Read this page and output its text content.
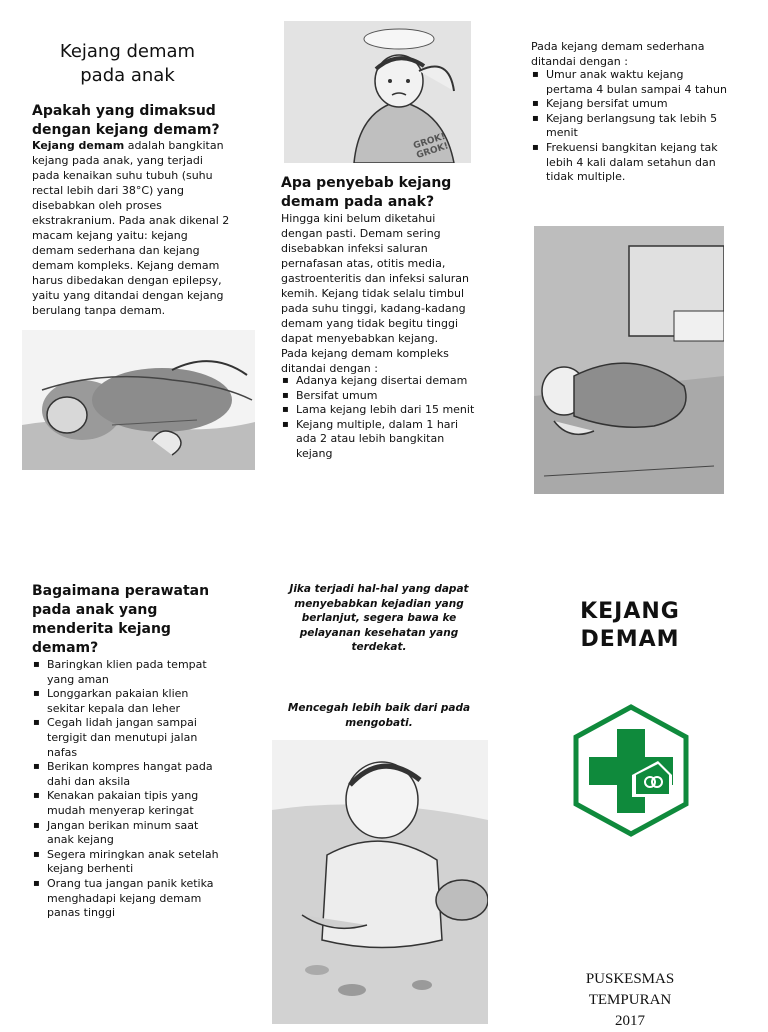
Kejang demam
pada anak
Apakah yang dimaksud dengan kejang demam?
Kejang demam adalah bangkitan kejang pada anak, yang terjadi pada kenaikan suhu tubuh (suhu rectal lebih dari 38°C) yang disebabkan oleh proses ekstrakranium. Pada anak dikenal 2 macam kejang yaitu: kejang demam sederhana dan kejang demam kompleks. Kejang demam harus dibedakan dengan epilepsy, yaitu yang ditandai dengan kejang berulang tanpa demam.
GROK! GROK!
Apa penyebab kejang demam pada anak?
Hingga kini belum diketahui dengan pasti. Demam sering disebabkan infeksi saluran pernafasan atas, otitis media, gastroenteritis dan infeksi saluran kemih. Kejang tidak selalu timbul pada suhu tinggi, kadang-kadang demam yang tidak begitu tinggi dapat menyebabkan kejang.
Pada kejang demam kompleks ditandai dengan :
▪ Adanya kejang disertai demam
▪ Bersifat umum
▪ Lama kejang lebih dari 15 menit
▪ Kejang multiple, dalam 1 hari ada 2 atau lebih bangkitan kejang
Pada kejang demam sederhana ditandai dengan :
▪ Umur anak waktu kejang pertama 4 bulan sampai 4 tahun
▪ Kejang bersifat umum
▪ Kejang berlangsung tak lebih 5 menit
▪ Frekuensi bangkitan kejang tak lebih 4 kali dalam setahun dan tidak multiple.
Bagaimana perawatan pada anak yang menderita kejang demam?
▪ Baringkan klien pada tempat yang aman
▪ Longgarkan pakaian klien sekitar kepala dan leher
▪ Cegah lidah jangan sampai tergigit dan menutupi jalan nafas
▪ Berikan kompres hangat pada dahi dan aksila
▪ Kenakan pakaian tipis yang mudah menyerap keringat
▪ Jangan berikan minum saat anak kejang
▪ Segera miringkan anak setelah kejang berhenti
▪ Orang tua jangan panik ketika menghadapi kejang demam panas tinggi
Jika terjadi hal-hal yang dapat menyebabkan kejadian yang berlanjut, segera bawa ke pelayanan kesehatan yang terdekat.
Mencegah lebih baik dari pada mengobati.
KEJANG
DEMAM
PUSKESMAS
TEMPURAN
2017
